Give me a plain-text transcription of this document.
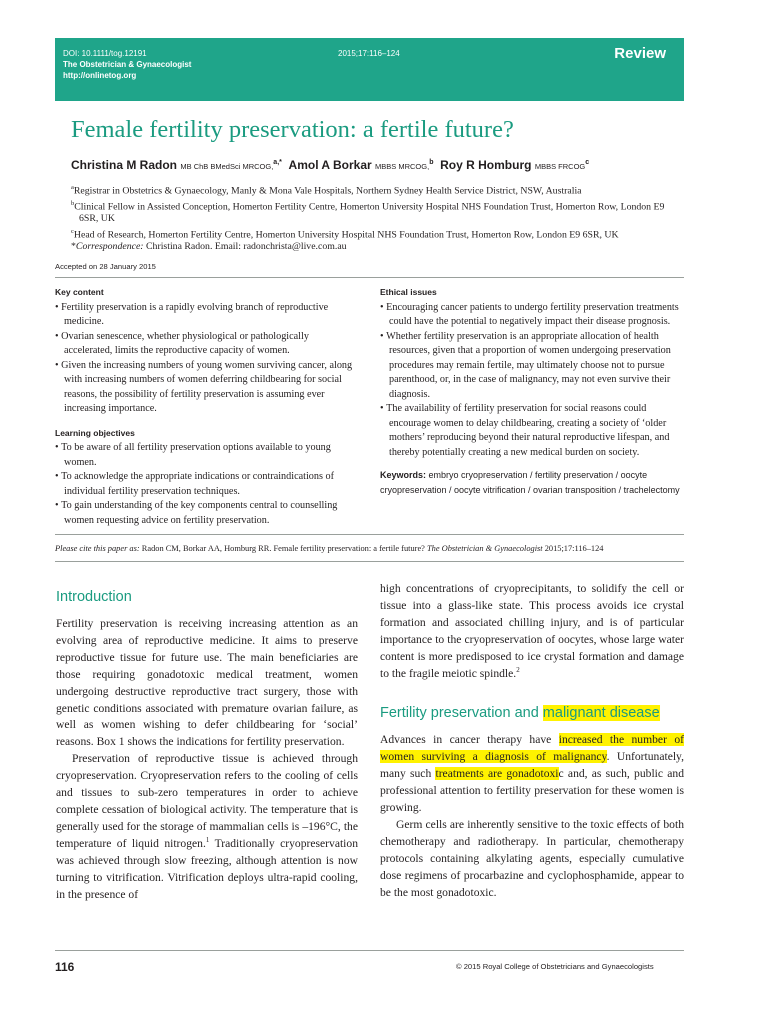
DOI: 10.1111/tog.12191
The Obstetrician & Gynaecologist
http://onlinetog.org
2015;17:116–124	Review
Female fertility preservation: a fertile future?
Christina M Radon MB ChB BMedSci MRCOG,$^{a,*}$ Amol A Borkar MBBS MRCOG,$^b$ Roy R Homburg MBBS FRCOG$^c$

$^a$Registrar in Obstetrics & Gynaecology, Manly & Mona Vale Hospitals, Northern Sydney Health Service District, NSW, Australia

$^b$Clinical Fellow in Assisted Conception, Homerton Fertility Centre, Homerton University Hospital NHS Foundation Trust, Homerton Row, London E9 6SR, UK

$^c$Head of Research, Homerton Fertility Centre, Homerton University Hospital NHS Foundation Trust, Homerton Row, London E9 6SR, UK

*Correspondence: Christina Radon. Email: radonchrista@live.com.au

Accepted on 28 January 2015
Key content
• Fertility preservation is a rapidly evolving branch of reproductive medicine.
• Ovarian senescence, whether physiological or pathologically accelerated, limits the reproductive capacity of women.
• Given the increasing numbers of young women surviving cancer, along with increasing numbers of women deferring childbearing for social reasons, the possibility of fertility preservation is assuming ever increasing importance.
Learning objectives
• To be aware of all fertility preservation options available to young women.
• To acknowledge the appropriate indications or contraindications of individual fertility preservation techniques.
• To gain understanding of the key components central to counselling women requesting advice on fertility preservation.
Ethical issues
• Encouraging cancer patients to undergo fertility preservation treatments could have the potential to negatively impact their disease prognosis.
• Whether fertility preservation is an appropriate allocation of health resources, given that a proportion of women undergoing preservation procedures may remain fertile, may ultimately choose not to pursue parenthood, or, in the case of malignancy, may not even survive their diagnosis.
• The availability of fertility preservation for social reasons could encourage women to delay childbearing, creating a society of ‘older mothers’ reproducing beyond their natural reproductive lifespan, and thereby potentially creating a new medical burden on society.
Keywords: embryo cryopreservation / fertility preservation / oocyte cryopreservation / oocyte vitrification / ovarian transposition / trachelectomy
Please cite this paper as: Radon CM, Borkar AA, Homburg RR. Female fertility preservation: a fertile future? The Obstetrician & Gynaecologist 2015;17:116–124
Introduction

Fertility preservation is receiving increasing attention as an evolving area of reproductive medicine. It aims to preserve reproductive tissue for future use. The main beneficiaries are those requiring gonadotoxic medical treatment, women undergoing destructive reproductive tract surgery, those with genetic conditions associated with premature ovarian failure, as well as women wishing to defer childbearing for ‘social’ reasons. Box 1 shows the indications for fertility preservation.

Preservation of reproductive tissue is achieved through cryopreservation. Cryopreservation refers to the cooling of cells and tissues to sub-zero temperatures in order to achieve complete cessation of biological activity. The temperature that is generally used for the storage of mammalian cells is –196°C, the temperature of liquid nitrogen.$^1$ Traditionally cryopreservation was achieved through slow freezing, although attention is now turning to vitrification. Vitrification deploys ultra-rapid cooling, in the presence of

high concentrations of cryoprecipitants, to solidify the cell or tissue into a glass-like state. This process avoids ice crystal formation and associated chilling injury, and is of particular importance to the cryopreservation of oocytes, whose large water content is more predisposed to ice crystal formation and damage to the fragile meiotic spindle.$^2$

Fertility preservation and malignant disease

Advances in cancer therapy have increased the number of women surviving a diagnosis of malignancy. Unfortunately, many such treatments are gonadotoxic and, as such, public and professional attention to fertility preservation for these women is growing.

Germ cells are inherently sensitive to the toxic effects of both chemotherapy and radiotherapy. In particular, chemotherapy protocols containing alkylating agents, especially cumulative dose regimens of procarbazine and cyclophosphamide, appear to be the most gonadotoxic.

116	© 2015 Royal College of Obstetricians and Gynaecologists
